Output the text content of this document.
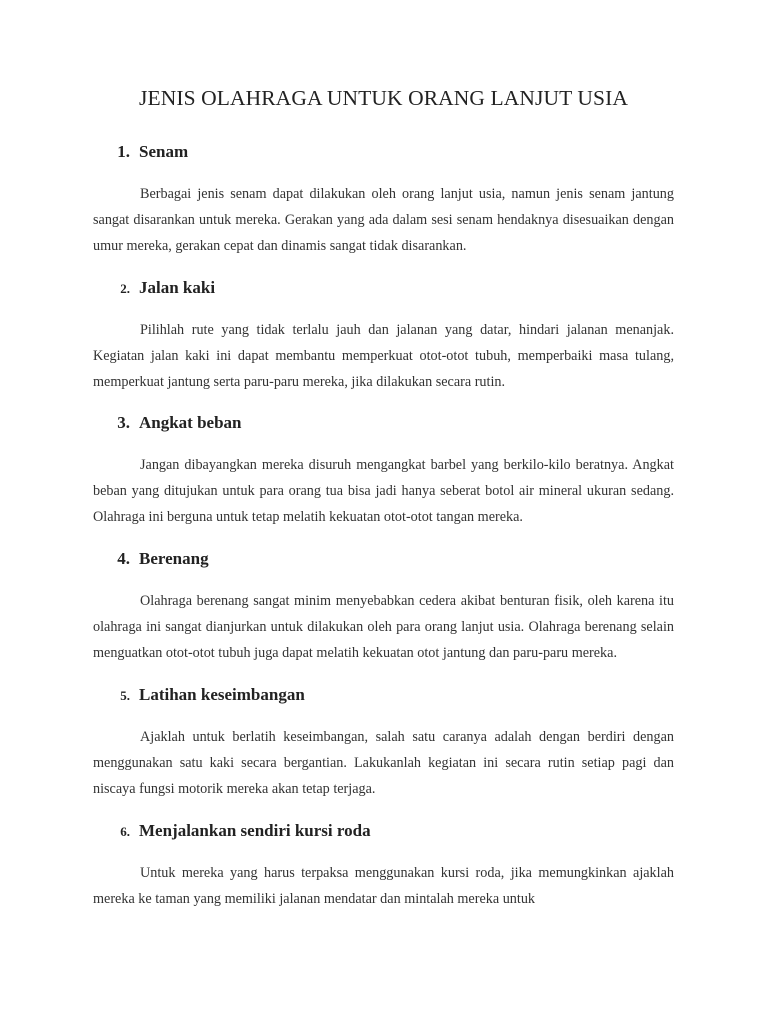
JENIS OLAHRAGA UNTUK ORANG LANJUT USIA
1. Senam

Berbagai jenis senam dapat dilakukan oleh orang lanjut usia, namun jenis senam jantung sangat disarankan untuk mereka. Gerakan yang ada dalam sesi senam hendaknya disesuaikan dengan umur mereka, gerakan cepat dan dinamis sangat tidak disarankan.

2. Jalan kaki

Pilihlah rute yang tidak terlalu jauh dan jalanan yang datar, hindari jalanan menanjak. Kegiatan jalan kaki ini dapat membantu memperkuat otot-otot tubuh, memperbaiki masa tulang, memperkuat jantung serta paru-paru mereka, jika dilakukan secara rutin.

3. Angkat beban

Jangan dibayangkan mereka disuruh mengangkat barbel yang berkilo-kilo beratnya. Angkat beban yang ditujukan untuk para orang tua bisa jadi hanya seberat botol air mineral ukuran sedang. Olahraga ini berguna untuk tetap melatih kekuatan otot-otot tangan mereka.

4. Berenang

Olahraga berenang sangat minim menyebabkan cedera akibat benturan fisik, oleh karena itu olahraga ini sangat dianjurkan untuk dilakukan oleh para orang lanjut usia. Olahraga berenang selain menguatkan otot-otot tubuh juga dapat melatih kekuatan otot jantung dan paru-paru mereka.

5. Latihan keseimbangan

Ajaklah untuk berlatih keseimbangan, salah satu caranya adalah dengan berdiri dengan menggunakan satu kaki secara bergantian. Lakukanlah kegiatan ini secara rutin setiap pagi dan niscaya fungsi motorik mereka akan tetap terjaga.

6. Menjalankan sendiri kursi roda

Untuk mereka yang harus terpaksa menggunakan kursi roda, jika memungkinkan ajaklah mereka ke taman yang memiliki jalanan mendatar dan mintalah mereka untuk
